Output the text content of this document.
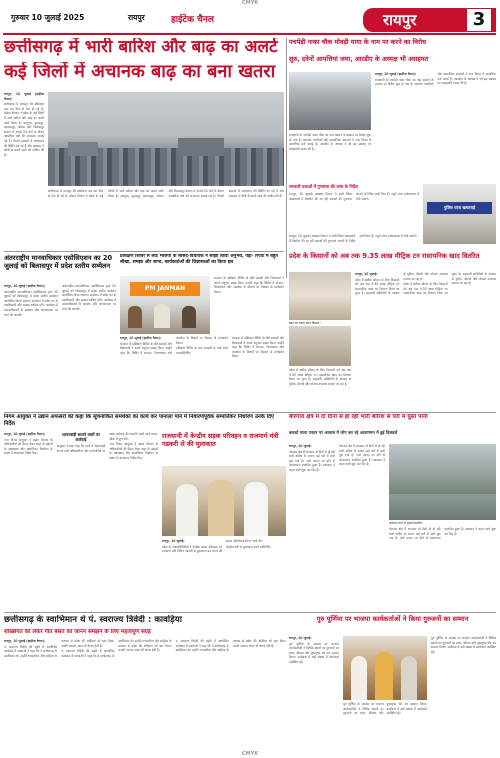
CMYK
गुरुवार 10 जुलाई 2025	रायपुर	हाईटेक चैनल	रायपुर	3
छत्तीसगढ़ में भारी बारिश और बाढ़ का अलर्ट
कई जिलों में अचानक बाढ़ का बना खतरा

रायपुर, 10 जुलाई (हाईटेक चैनल)।

छत्तीसगढ़ में मानसून की सक्रियता एक बार फिर से तेज हो गई है। मौसम विभाग ने प्रदेश के कई जिलों में भारी बारिश और बाढ़ का अलर्ट जारी किया है। सरगुजा, सूरजपुर, बलरामपुर, कोरबा और बिलासपुर संभाग में अगले 24 घंटों के दौरान अत्यधिक वर्षा की संभावना जताई गई है। निचले इलाकों में जलभराव की स्थिति बन गई है और प्रशासन ने लोगों से सतर्क रहने की अपील की है।

छत्तीसगढ़ में मानसून की सक्रियता एक बार फिर से तेज हो गई है। मौसम विभाग ने प्रदेश के कई जिलों में भारी बारिश और बाढ़ का अलर्ट जारी किया है। सरगुजा, सूरजपुर, बलरामपुर, कोरबा और बिलासपुर संभाग में अगले 24 घंटों के दौरान अत्यधिक वर्षा की संभावना जताई गई है। निचले इलाकों में जलभराव की स्थिति बन गई है और प्रशासन ने लोगों से सतर्क रहने की अपील की है।

पचपेड़ी नाका चौक मोवड़ी याया के नाम पर करने का विरोध
सुरु, दवेनों आपत्तियां जमा, आरडीए के अध्यक्ष भी असहमत

रायपुर, 10 जुलाई (हाईटेक चैनल)।

राजधानी के पचपेड़ी नाका चौक का नाम बदलने के प्रस्ताव पर विरोध शुरू हो गया है। स्थानीय नागरिकों और सामाजिक संगठनों ने नगर निगम में आपत्तियां दर्ज कराई हैं। आरडीए के अध्यक्ष ने भी इस प्रस्ताव पर असहमति व्यक्त की है।

राजधानी के पचपेड़ी नाका चौक का नाम बदलने के प्रस्ताव पर विरोध शुरू हो गया है। स्थानीय नागरिकों और सामाजिक संगठनों ने नगर निगम में आपत्तियां दर्ज कराई हैं। आरडीए के अध्यक्ष ने भी इस प्रस्ताव पर असहमति व्यक्त की है।

सरकारी दवाओं में गुणवत्ता की जांच के निर्देश

रायपुर, 10 जुलाई। स्वास्थ्य विभाग ने सभी जिला अस्पतालों में वितरित की जा रही दवाओं की गुणवत्ता जांचने के निर्देश जारी किए हैं। नमूने राज्य प्रयोगशाला में भेजे जाएंगे।

पुलिस थाना खमतराई

रायपुर, 10 जुलाई। स्वास्थ्य विभाग ने सभी जिला अस्पतालों में वितरित की जा रही दवाओं की गुणवत्ता जांचने के निर्देश जारी किए हैं। नमूने राज्य प्रयोगशाला में भेजे जाएंगे।

अंतरराष्ट्रीय मानवाधिकार एसोसिएशन का 20 जुलाई को बिलासपुर में प्रदेश स्तरीय सम्मेलन

रायपुर, 10 जुलाई (हाईटेक चैनल)।

अंतरराष्ट्रीय मानवाधिकार एसोसिएशन द्वारा 20 जुलाई को बिलासपुर में प्रदेश स्तरीय सम्मेलन आयोजित किया जाएगा। सम्मेलन में प्रदेश भर के पदाधिकारी और सदस्य शामिल होंगे। कार्यक्रम में मानवाधिकारों के संरक्षण और जागरूकता पर चर्चा की जाएगी।

अंतरराष्ट्रीय मानवाधिकार एसोसिएशन द्वारा 20 जुलाई को बिलासपुर में प्रदेश स्तरीय सम्मेलन आयोजित किया जाएगा। सम्मेलन में प्रदेश भर के पदाधिकारी और सदस्य शामिल होंगे। कार्यक्रम में मानवाधिकारों के संरक्षण और जागरूकता पर चर्चा की जाएगी।

प्रशिक्षण शिविर से लौटे भाजपा के सांसद-विधायक ने साझा किया अनुभव, पड़ा- रिपोर्ट में बहुत सीखा, समझा और जाना, कार्यकर्ताओं की जिज्ञासाओं का किया हल
PM JANMAN

भाजपा के प्रशिक्षण शिविर से लौटे सांसदों और विधायकों ने अपने अनुभव साझा किए। उन्होंने कहा कि शिविर में संगठन, विचारधारा और जनसेवा के विषयों पर विस्तार से मार्गदर्शन मिला।

रायपुर, 10 जुलाई (हाईटेक चैनल)।

भाजपा के प्रशिक्षण शिविर से लौटे सांसदों और विधायकों ने अपने अनुभव साझा किए। उन्होंने कहा कि शिविर में संगठन, विचारधारा और जनसेवा के विषयों पर विस्तार से मार्गदर्शन मिला।

प्रशिक्षण शिविर के बाद पत्रकारों से चर्चा करते जनप्रतिनिधि।

भाजपा के प्रशिक्षण शिविर से लौटे सांसदों और विधायकों ने अपने अनुभव साझा किए। उन्होंने कहा कि शिविर में संगठन, विचारधारा और जनसेवा के विषयों पर विस्तार से मार्गदर्शन मिला।

प्रदेश के किसानों को अब तक 9.35 लाख मीट्रिक टन रासायनिक खाद वितरित

रायपुर, 10 जुलाई।

प्रदेश में खरीफ सीजन के लिए किसानों को अब तक 9.35 लाख मीट्रिक टन रासायनिक खाद का वितरण किया जा चुका है। सहकारी समितियों के माध्यम से यूरिया, डीएपी और पोटाश उपलब्ध कराया जा रहा है।

प्रदेश में खरीफ सीजन के लिए किसानों को अब तक 9.35 लाख मीट्रिक टन रासायनिक खाद का वितरण किया जा चुका है। सहकारी समितियों के माध्यम से यूरिया, डीएपी और पोटाश उपलब्ध कराया जा रहा है।

खाद का उठाव करते किसान।

प्रदेश में खरीफ सीजन के लिए किसानों को अब तक 9.35 लाख मीट्रिक टन रासायनिक खाद का वितरण किया जा चुका है। सहकारी समितियों के माध्यम से यूरिया, डीएपी और पोटाश उपलब्ध कराया जा रहा है।

निगम आयुक्त ने उद्यान अफसरों को कहा कि सूचनाकित समर्थकों का कार्य कर पानाला पाने में निवारणपूर्वक सम्पत्तिकर निर्धारण उनके दिए निर्देश

रायपुर, 10 जुलाई (हाईटेक चैनल)।

नगर निगम आयुक्त ने उद्यान विभाग के अधिकारियों की बैठक लेकर शहर के उद्यानों के रखरखाव और सम्पत्तिकर निर्धारण के संबंध में आवश्यक निर्देश दिए।

लापरवाही बरतने वालों पर कार्रवाई

आयुक्त ने स्पष्ट कहा कि कार्य में लापरवाही बरतने वाले अधिकारियों और कर्मचारियों पर सख्त कार्रवाई की जाएगी। सभी कार्य समय-सीमा में पूर्ण करें।

नगर निगम आयुक्त ने उद्यान विभाग के अधिकारियों की बैठक लेकर शहर के उद्यानों के रखरखाव और सम्पत्तिकर निर्धारण के संबंध में आवश्यक निर्देश दिए।

राजधानी में केन्द्रीय सड़क परिवहन व राजमार्ग मंत्री गडकरी से की मुलाकात

रायपुर, 10 जुलाई।

प्रदेश के जनप्रतिनिधियों ने केन्द्रीय सड़क परिवहन एवं राजमार्ग मंत्री नितिन गडकरी से मुलाकात कर राज्य की सड़क परियोजनाओं पर चर्चा की।

केन्द्रीय मंत्री से मुलाकात करते प्रतिनिधि।

बोरगांव क्षेत्र में दो दिनों से हो रही भारी बारिश से घरों में घुसा पानी
कवर्धा नाला उफान पर आवास में लोग कर रहे आवागमन में हुई दिक्कतें

रायपुर, 10 जुलाई।

बोरगांव क्षेत्र में लगातार दो दिनों से हो रही भारी बारिश के कारण कई घरों में पानी घुस गया है। नाले उफान पर होने से आवागमन प्रभावित हुआ है। प्रशासन ने राहत कार्य शुरू कर दिए हैं।

बोरगांव क्षेत्र में लगातार दो दिनों से हो रही भारी बारिश के कारण कई घरों में पानी घुस गया है। नाले उफान पर होने से आवागमन प्रभावित हुआ है। प्रशासन ने राहत कार्य शुरू कर दिए हैं।

जलमग्न मार्ग से गुजरते ग्रामीण।

बोरगांव क्षेत्र में लगातार दो दिनों से हो रही भारी बारिश के कारण कई घरों में पानी घुस गया है। नाले उफान पर होने से आवागमन प्रभावित हुआ है। प्रशासन ने राहत कार्य शुरू कर दिए हैं।

छत्तीसगढ़ के स्वाभिमान थे पं. स्वराज्य त्रिवेदी : कावड़िया
शख्सियत को लेकर गीत बसंत को जानने समझने के लिए महत्वपूर्ण संग्रह

रायपुर, 10 जुलाई (हाईटेक चैनल)।

पं. स्वराज्य त्रिवेदी की स्मृति में आयोजित कार्यक्रम में वक्ताओं ने कहा कि वे छत्तीसगढ़ के स्वाभिमान थे। उन्होंने पत्रकारिता और साहित्य के माध्यम से प्रदेश की अस्मिता को स्वर दिया। उनकी रचनाएं आज भी प्रेरणा देती हैं।

पं. स्वराज्य त्रिवेदी की स्मृति में आयोजित कार्यक्रम में वक्ताओं ने कहा कि वे छत्तीसगढ़ के स्वाभिमान थे। उन्होंने पत्रकारिता और साहित्य के माध्यम से प्रदेश की अस्मिता को स्वर दिया। उनकी रचनाएं आज भी प्रेरणा देती हैं।

पं. स्वराज्य त्रिवेदी की स्मृति में आयोजित कार्यक्रम में वक्ताओं ने कहा कि वे छत्तीसगढ़ के स्वाभिमान थे। उन्होंने पत्रकारिता और साहित्य के माध्यम से प्रदेश की अस्मिता को स्वर दिया। उनकी रचनाएं आज भी प्रेरणा देती हैं।

गुरु पूर्णिमा पर भाजपा कार्यकर्ताओं ने किया गुरुजनों का सम्मान

रायपुर, 10 जुलाई।

गुरु पूर्णिमा के अवसर पर भाजपा कार्यकर्ताओं ने विभिन्न स्थानों पर गुरुजनों का शाल, श्रीफल और पुष्पगुच्छ भेंट कर सम्मान किया। कार्यक्रम में बड़ी संख्या में कार्यकर्ता उपस्थित रहे।

गुरु पूर्णिमा के अवसर पर भाजपा कार्यकर्ताओं ने विभिन्न स्थानों पर गुरुजनों का शाल, श्रीफल और पुष्पगुच्छ भेंट कर सम्मान किया। कार्यक्रम में बड़ी संख्या में कार्यकर्ता उपस्थित रहे।

गुरु पूर्णिमा के अवसर पर भाजपा कार्यकर्ताओं ने विभिन्न स्थानों पर गुरुजनों का शाल, श्रीफल और पुष्पगुच्छ भेंट कर सम्मान किया। कार्यक्रम में बड़ी संख्या में कार्यकर्ता उपस्थित रहे।

CMYK
